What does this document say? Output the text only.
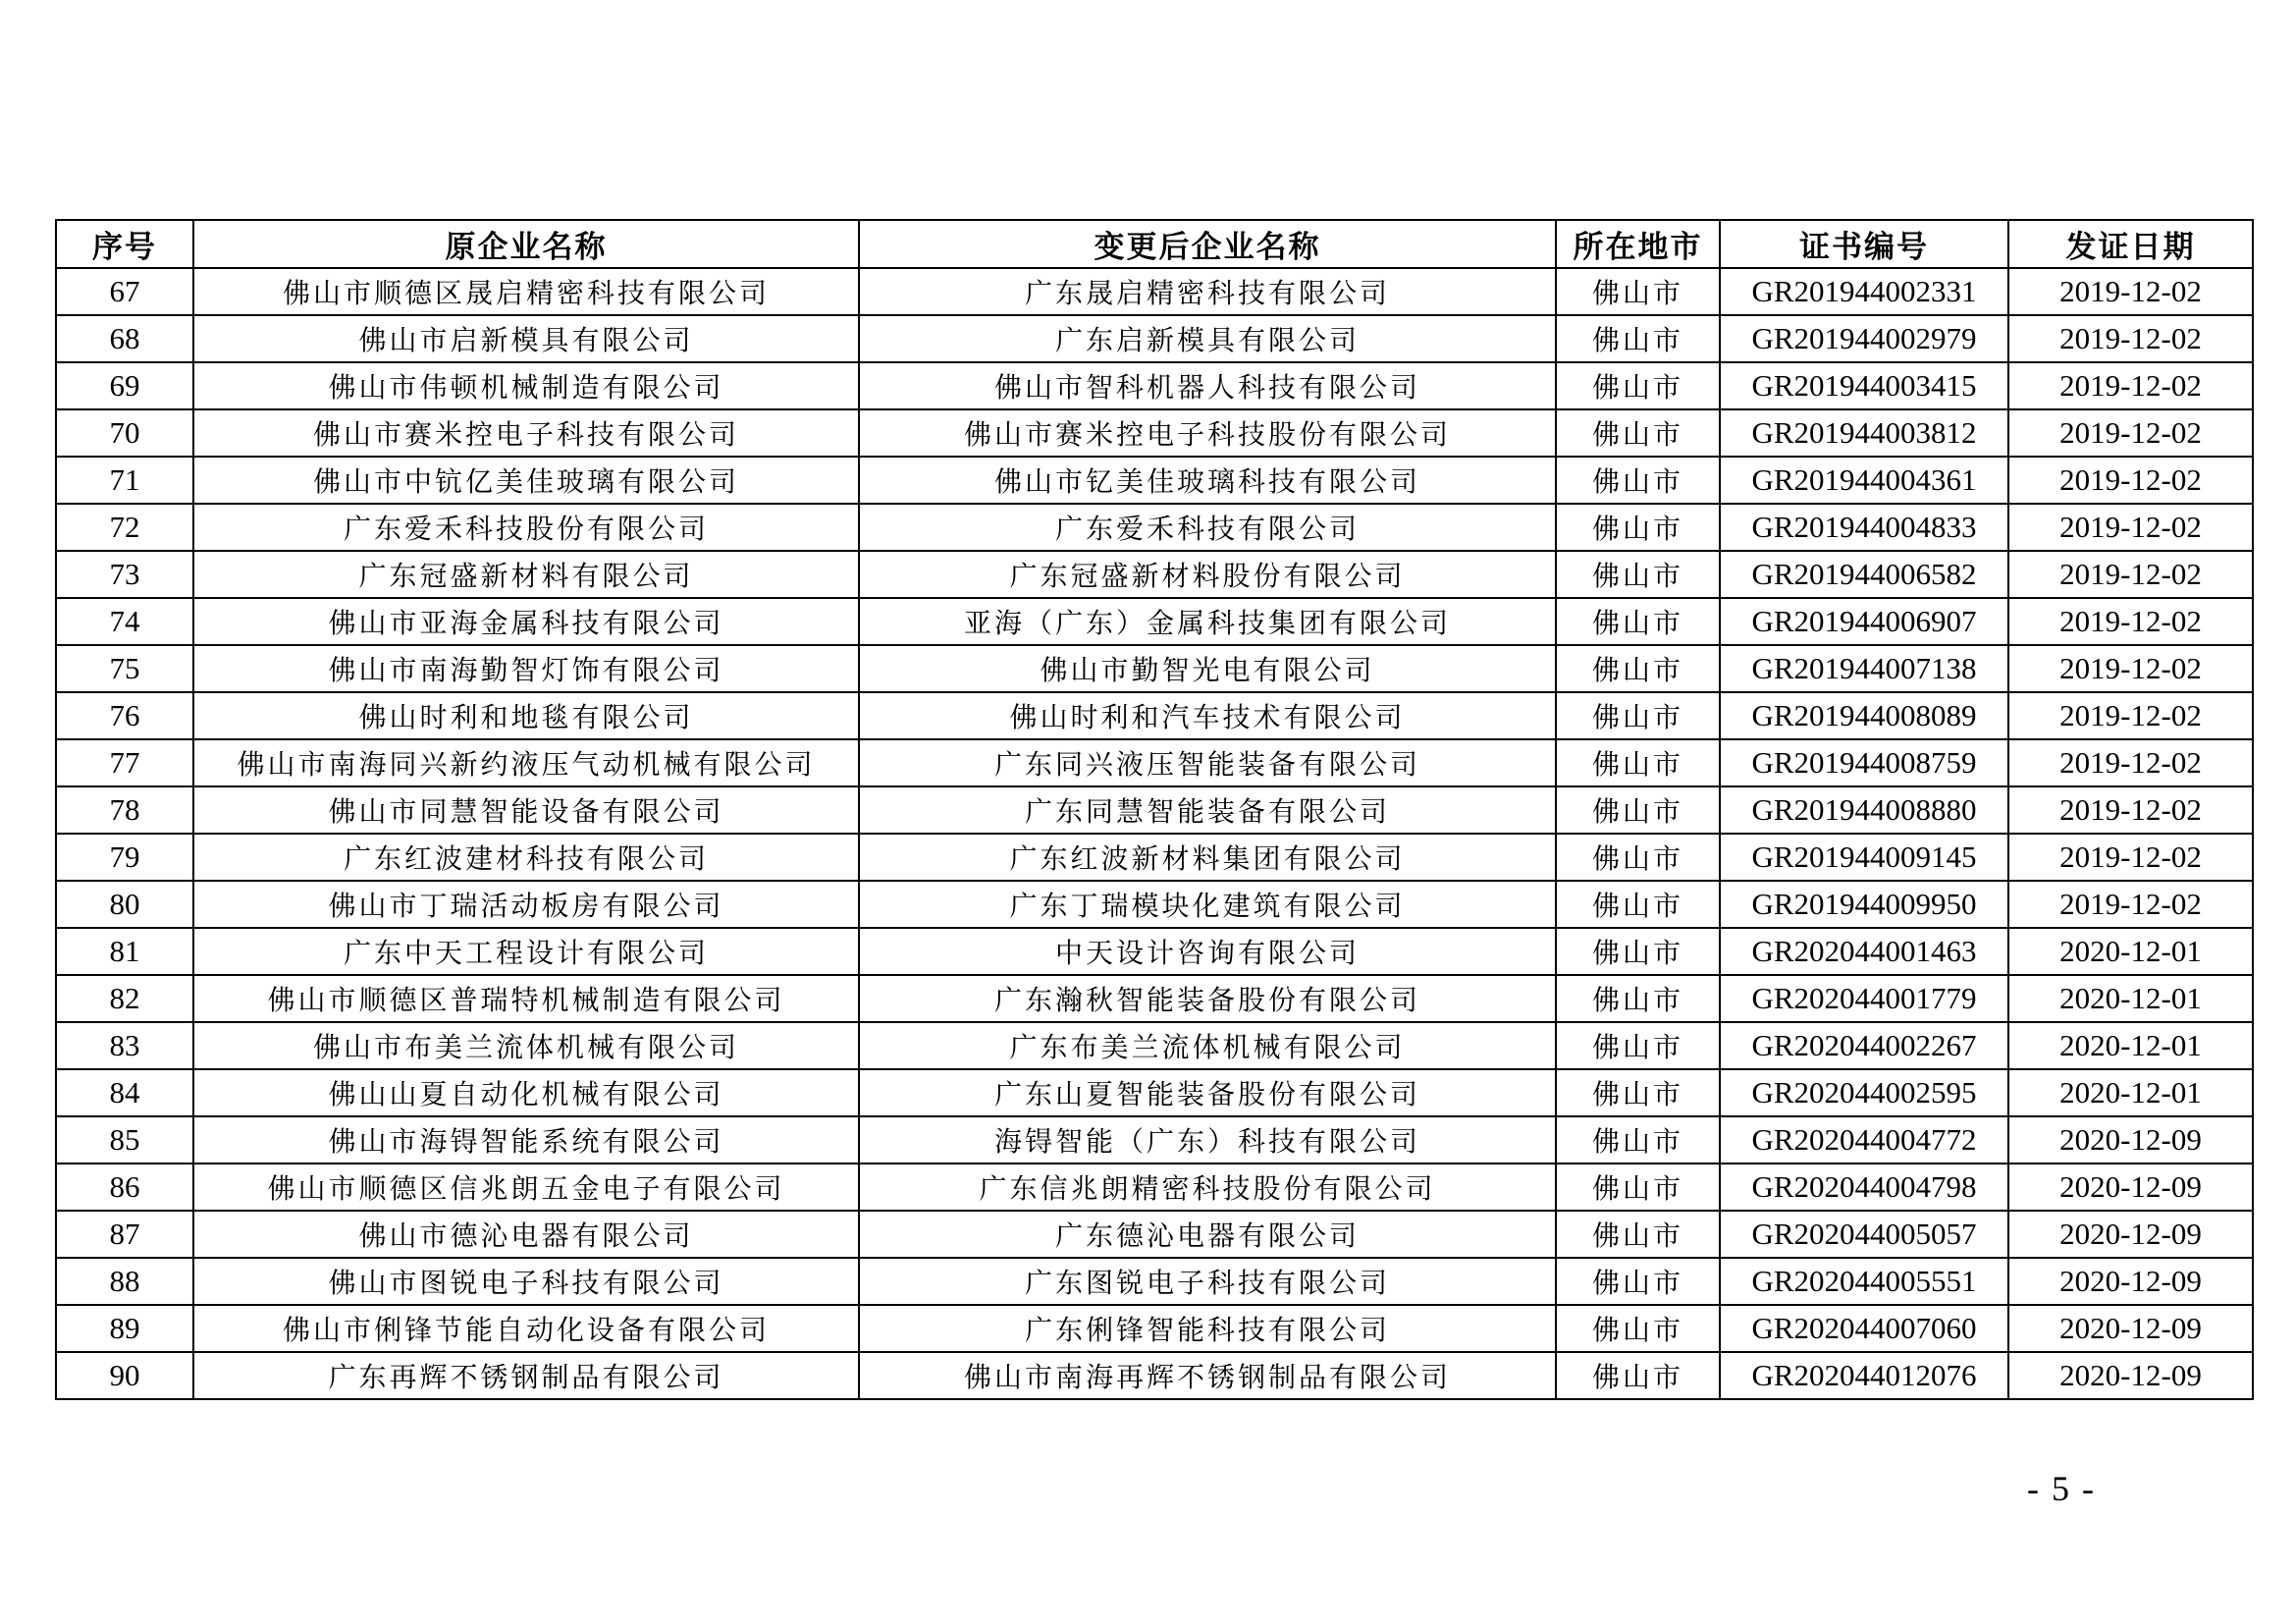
序号	原企业名称	变更后企业名称	所在地市	证书编号	发证日期
67	佛山市顺德区晟启精密科技有限公司	广东晟启精密科技有限公司	佛山市	GR201944002331	2019-12-02
68	佛山市启新模具有限公司	广东启新模具有限公司	佛山市	GR201944002979	2019-12-02
69	佛山市伟顿机械制造有限公司	佛山市智科机器人科技有限公司	佛山市	GR201944003415	2019-12-02
70	佛山市赛米控电子科技有限公司	佛山市赛米控电子科技股份有限公司	佛山市	GR201944003812	2019-12-02
71	佛山市中钪亿美佳玻璃有限公司	佛山市钇美佳玻璃科技有限公司	佛山市	GR201944004361	2019-12-02
72	广东爱禾科技股份有限公司	广东爱禾科技有限公司	佛山市	GR201944004833	2019-12-02
73	广东冠盛新材料有限公司	广东冠盛新材料股份有限公司	佛山市	GR201944006582	2019-12-02
74	佛山市亚海金属科技有限公司	亚海（广东）金属科技集团有限公司	佛山市	GR201944006907	2019-12-02
75	佛山市南海勤智灯饰有限公司	佛山市勤智光电有限公司	佛山市	GR201944007138	2019-12-02
76	佛山时利和地毯有限公司	佛山时利和汽车技术有限公司	佛山市	GR201944008089	2019-12-02
77	佛山市南海同兴新约液压气动机械有限公司	广东同兴液压智能装备有限公司	佛山市	GR201944008759	2019-12-02
78	佛山市同慧智能设备有限公司	广东同慧智能装备有限公司	佛山市	GR201944008880	2019-12-02
79	广东红波建材科技有限公司	广东红波新材料集团有限公司	佛山市	GR201944009145	2019-12-02
80	佛山市丁瑞活动板房有限公司	广东丁瑞模块化建筑有限公司	佛山市	GR201944009950	2019-12-02
81	广东中天工程设计有限公司	中天设计咨询有限公司	佛山市	GR202044001463	2020-12-01
82	佛山市顺德区普瑞特机械制造有限公司	广东瀚秋智能装备股份有限公司	佛山市	GR202044001779	2020-12-01
83	佛山市布美兰流体机械有限公司	广东布美兰流体机械有限公司	佛山市	GR202044002267	2020-12-01
84	佛山山夏自动化机械有限公司	广东山夏智能装备股份有限公司	佛山市	GR202044002595	2020-12-01
85	佛山市海锝智能系统有限公司	海锝智能（广东）科技有限公司	佛山市	GR202044004772	2020-12-09
86	佛山市顺德区信兆朗五金电子有限公司	广东信兆朗精密科技股份有限公司	佛山市	GR202044004798	2020-12-09
87	佛山市德沁电器有限公司	广东德沁电器有限公司	佛山市	GR202044005057	2020-12-09
88	佛山市图锐电子科技有限公司	广东图锐电子科技有限公司	佛山市	GR202044005551	2020-12-09
89	佛山市俐锋节能自动化设备有限公司	广东俐锋智能科技有限公司	佛山市	GR202044007060	2020-12-09
90	广东再辉不锈钢制品有限公司	佛山市南海再辉不锈钢制品有限公司	佛山市	GR202044012076	2020-12-09
- 5 -
